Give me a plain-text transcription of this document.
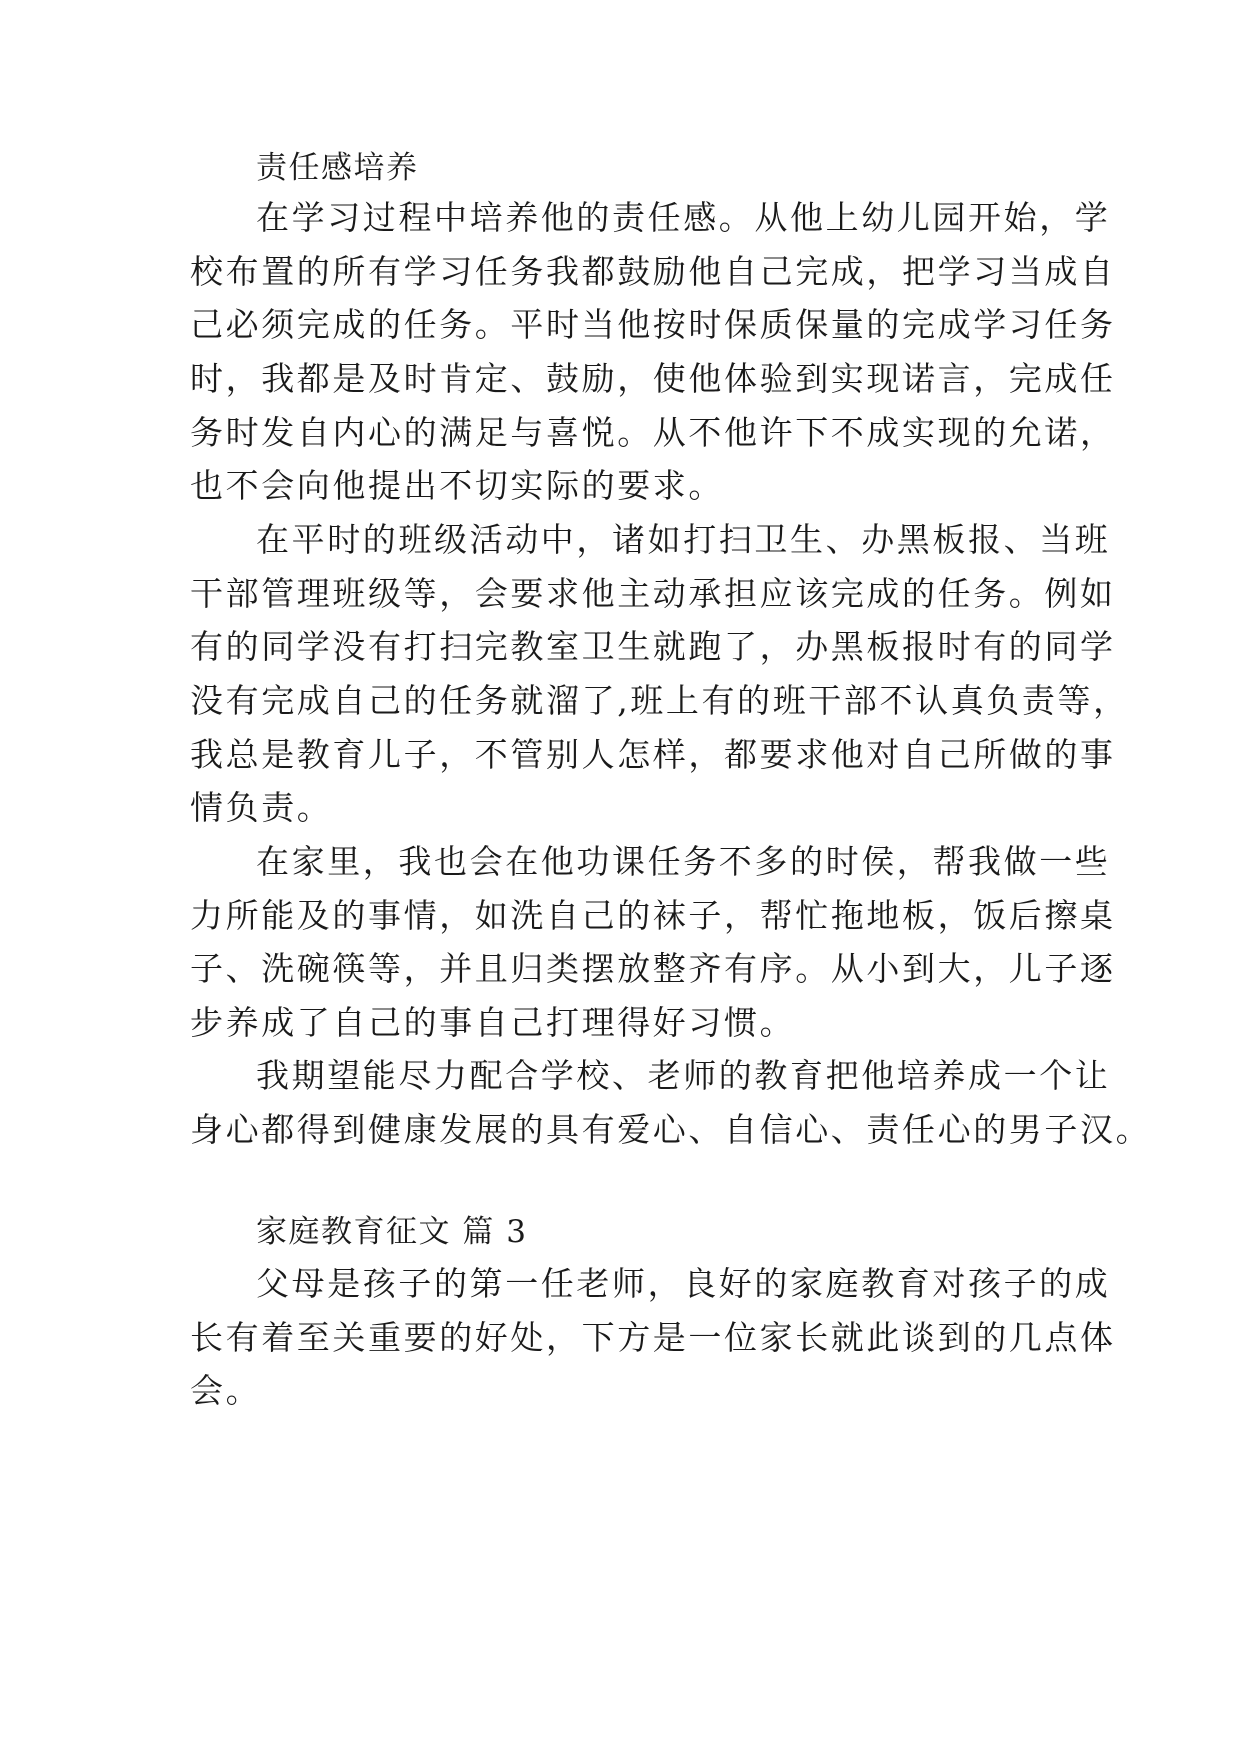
责任感培养
在学习过程中培养他的责任感。从他上幼儿园开始，学
校布置的所有学习任务我都鼓励他自己完成，把学习当成自
己必须完成的任务。平时当他按时保质保量的完成学习任务
时，我都是及时肯定、鼓励，使他体验到实现诺言，完成任
务时发自内心的满足与喜悦。从不他许下不成实现的允诺，
也不会向他提出不切实际的要求。
在平时的班级活动中，诸如打扫卫生、办黑板报、当班
干部管理班级等，会要求他主动承担应该完成的任务。例如
有的同学没有打扫完教室卫生就跑了，办黑板报时有的同学
没有完成自己的任务就溜了,班上有的班干部不认真负责等，
我总是教育儿子，不管别人怎样，都要求他对自己所做的事
情负责。
在家里，我也会在他功课任务不多的时侯，帮我做一些
力所能及的事情，如洗自己的袜子，帮忙拖地板，饭后擦桌
子、洗碗筷等，并且归类摆放整齐有序。从小到大，儿子逐
步养成了自己的事自己打理得好习惯。
我期望能尽力配合学校、老师的教育把他培养成一个让
身心都得到健康发展的具有爱心、自信心、责任心的男子汉。
家庭教育征文 篇 3
父母是孩子的第一任老师，良好的家庭教育对孩子的成
长有着至关重要的好处，下方是一位家长就此谈到的几点体
会。
